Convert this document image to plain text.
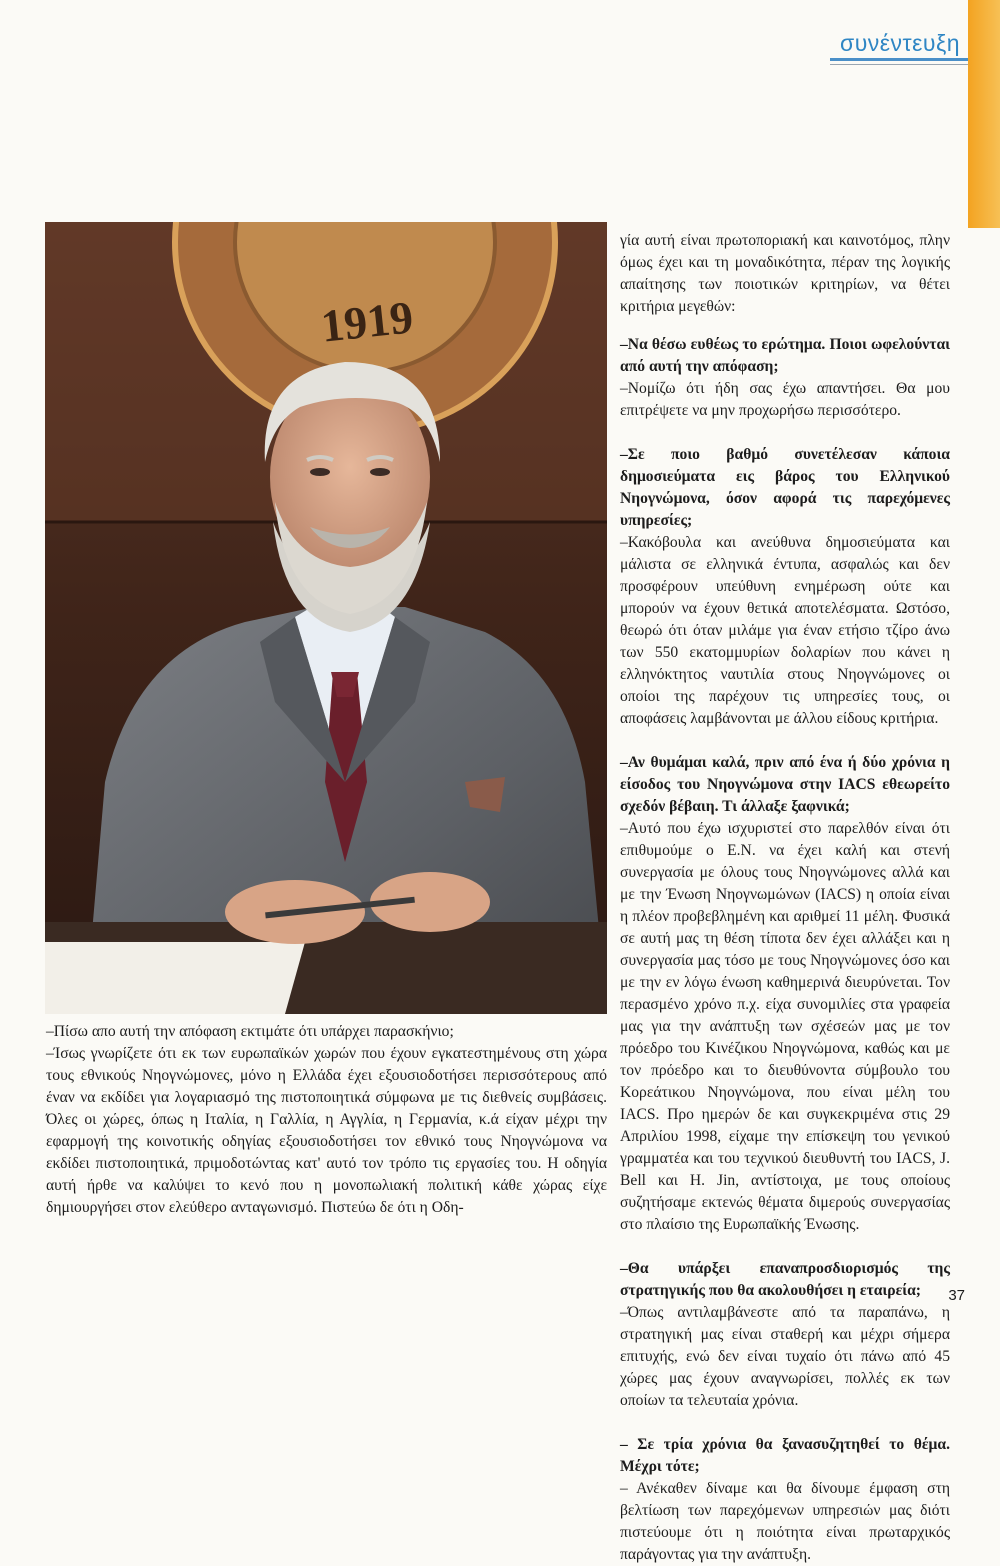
συνέντευξη
1919

–Πίσω απο αυτή την απόφαση εκτιμάτε ότι υπάρχει παρασκήνιο;

–Ίσως γνωρίζετε ότι εκ των ευρωπαϊκών χωρών που έχουν εγκατεστημένους στη χώρα τους εθνικούς Νηογνώμονες, μόνο η Ελλάδα έχει εξουσιοδοτήσει περισσότερους από έναν να εκδίδει για λογαριασμό της πιστοποιητικά σύμφωνα με τις διεθνείς συμβάσεις. Όλες οι χώρες, όπως η Ιταλία, η Γαλλία, η Αγγλία, η Γερμανία, κ.ά είχαν μέχρι την εφαρμογή της κοινοτικής οδηγίας εξουσιοδοτήσει τον εθνικό τους Νηογνώμονα να εκδίδει πιστοποιητικά, πριμοδοτώντας κατ' αυτό τον τρόπο τις εργασίες του. Η οδηγία αυτή ήρθε να καλύψει το κενό που η μονοπωλιακή πολιτική κάθε χώρας είχε δημιουργήσει στον ελεύθερο ανταγωνισμό. Πιστεύω δε ότι η Οδη-

γία αυτή είναι πρωτοποριακή και καινοτόμος, πλην όμως έχει και τη μοναδικότητα, πέραν της λογικής απαίτησης των ποιοτικών κριτηρίων, να θέτει κριτήρια μεγεθών:

–Να θέσω ευθέως το ερώτημα. Ποιοι ωφελούνται από αυτή την απόφαση;

–Νομίζω ότι ήδη σας έχω απαντήσει. Θα μου επιτρέψετε να μην προχωρήσω περισσότερο.

–Σε ποιο βαθμό συνετέλεσαν κάποια δημοσιεύματα εις βάρος του Ελληνικού Νηογνώμονα, όσον αφορά τις παρεχόμενες υπηρεσίες;

–Κακόβουλα και ανεύθυνα δημοσιεύματα και μάλιστα σε ελληνικά έντυπα, ασφαλώς και δεν προσφέρουν υπεύθυνη ενημέρωση ούτε και μπορούν να έχουν θετικά αποτελέσματα. Ωστόσο, θεωρώ ότι όταν μιλάμε για έναν ετήσιο τζίρο άνω των 550 εκατομμυρίων δολαρίων που κάνει η ελληνόκτητος ναυτιλία στους Νηογνώμονες οι οποίοι της παρέχουν τις υπηρεσίες τους, οι αποφάσεις λαμβάνονται με άλλου είδους κριτήρια.

–Αν θυμάμαι καλά, πριν από ένα ή δύο χρόνια η είσοδος του Νηογνώμονα στην IACS εθεωρείτο σχεδόν βέβαιη. Τι άλλαξε ξαφνικά;

–Αυτό που έχω ισχυριστεί στο παρελθόν είναι ότι επιθυμούμε ο Ε.Ν. να έχει καλή και στενή συνεργασία με όλους τους Νηογνώμονες αλλά και με την Ένωση Νηογνωμώνων (IACS) η οποία είναι η πλέον προβεβλημένη και αριθμεί 11 μέλη. Φυσικά σε αυτή μας τη θέση τίποτα δεν έχει αλλάξει και η συνεργασία μας τόσο με τους Νηογνώμονες όσο και με την εν λόγω ένωση καθημερινά διευρύνεται. Τον περασμένο χρόνο π.χ. είχα συνομιλίες στα γραφεία μας για την ανάπτυξη των σχέσεών μας με τον πρόεδρο του Κινέζικου Νηογνώμονα, καθώς και με τον πρόεδρο και το διευθύνοντα σύμβουλο του Κορεάτικου Νηογνώμονα, που είναι μέλη του IACS. Προ ημερών δε και συγκεκριμένα στις 29 Απριλίου 1998, είχαμε την επίσκεψη του γενικού γραμματέα και του τεχνικού διευθυντή του IACS, J. Bell και H. Jin, αντίστοιχα, με τους οποίους συζητήσαμε εκτενώς θέματα διμερούς συνεργασίας στο πλαίσιο της Ευρωπαϊκής Ένωσης.

–Θα υπάρξει επαναπροσδιορισμός της στρατηγικής που θα ακολουθήσει η εταιρεία;

–Όπως αντιλαμβάνεστε από τα παραπάνω, η στρατηγική μας είναι σταθερή και μέχρι σήμερα επιτυχής, ενώ δεν είναι τυχαίο ότι πάνω από 45 χώρες μας έχουν αναγνωρίσει, πολλές εκ των οποίων τα τελευταία χρόνια.

– Σε τρία χρόνια θα ξανασυζητηθεί το θέμα. Μέχρι τότε;

– Ανέκαθεν δίναμε και θα δίνουμε έμφαση στη βελτίωση των παρεχόμενων υπηρεσιών μας διότι πιστεύουμε ότι η ποιότητα είναι πρωταρχικός παράγοντας για την ανάπτυξη.

37
